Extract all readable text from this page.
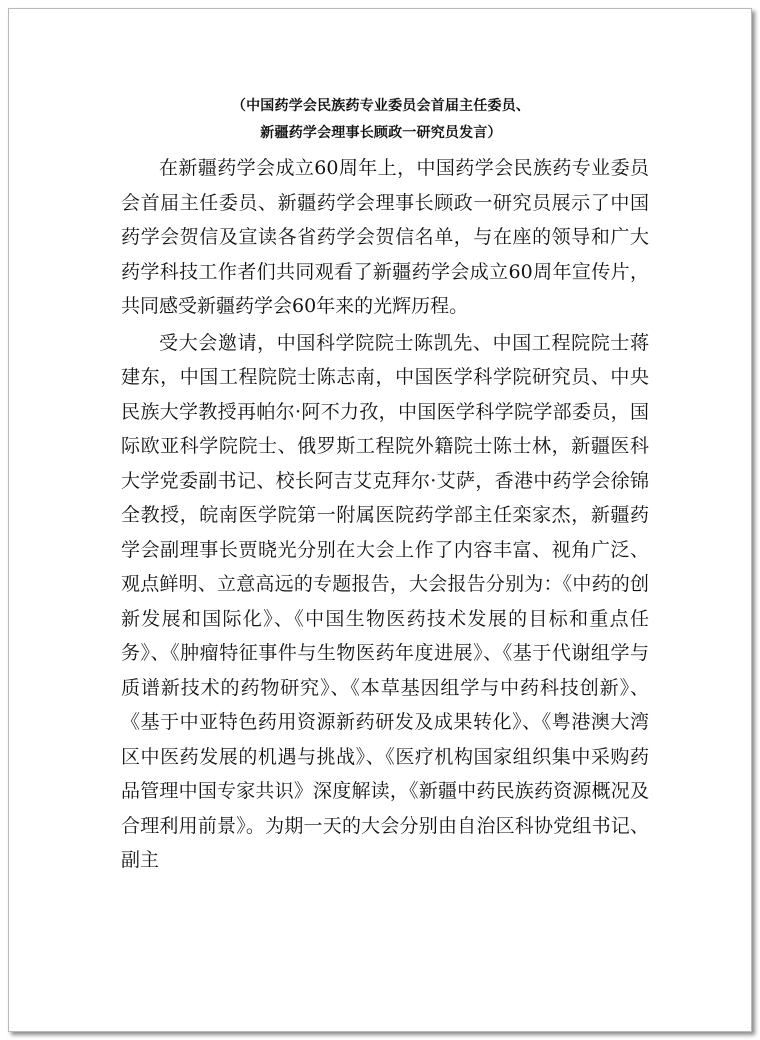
（中国药学会民族药专业委员会首届主任委员、
新疆药学会理事长顾政一研究员发言）

在新疆药学会成立60周年上，中国药学会民族药专业委员会首届主任委员、新疆药学会理事长顾政一研究员展示了中国药学会贺信及宣读各省药学会贺信名单，与在座的领导和广大药学科技工作者们共同观看了新疆药学会成立60周年宣传片，共同感受新疆药学会60年来的光辉历程。

受大会邀请，中国科学院院士陈凯先、中国工程院院士蒋建东，中国工程院院士陈志南，中国医学科学院研究员、中央民族大学教授再帕尔·阿不力孜，中国医学科学院学部委员，国际欧亚科学院院士、俄罗斯工程院外籍院士陈士林，新疆医科大学党委副书记、校长阿吉艾克拜尔·艾萨，香港中药学会徐锦全教授，皖南医学院第一附属医院药学部主任栾家杰，新疆药学会副理事长贾晓光分别在大会上作了内容丰富、视角广泛、观点鲜明、立意高远的专题报告，大会报告分别为：《中药的创新发展和国际化》、《中国生物医药技术发展的目标和重点任务》、《肿瘤特征事件与生物医药年度进展》、《基于代谢组学与质谱新技术的药物研究》、《本草基因组学与中药科技创新》、《基于中亚特色药用资源新药研发及成果转化》、《粤港澳大湾区中医药发展的机遇与挑战》、《医疗机构国家组织集中采购药品管理中国专家共识》深度解读，《新疆中药民族药资源概况及合理利用前景》。为期一天的大会分别由自治区科协党组书记、副主
